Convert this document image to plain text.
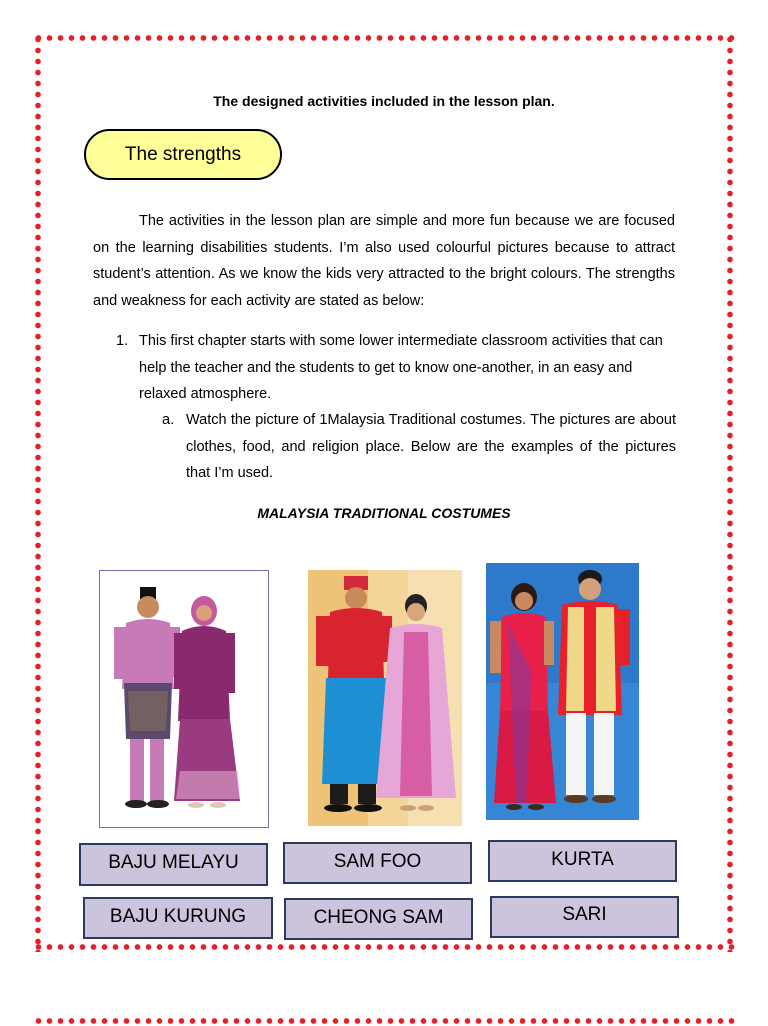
The designed activities included in the lesson plan.
The strengths
The activities in the lesson plan are simple and more fun because we are focused on the learning disabilities students. I’m also used colourful pictures because to attract student’s attention. As we know the kids very attracted to the bright colours. The strengths and weakness for each activity are stated as below:
1. This first chapter starts with some lower intermediate classroom activities that can help the teacher and the students to get to know one-another, in an easy and relaxed atmosphere.
a. Watch the picture of 1Malaysia Traditional costumes. The pictures are about clothes, food, and religion place. Below are the examples of the pictures that I’m used.
MALAYSIA TRADITIONAL COSTUMES
BAJU MELAYU
BAJU KURUNG
SAM FOO
CHEONG SAM
KURTA
SARI
